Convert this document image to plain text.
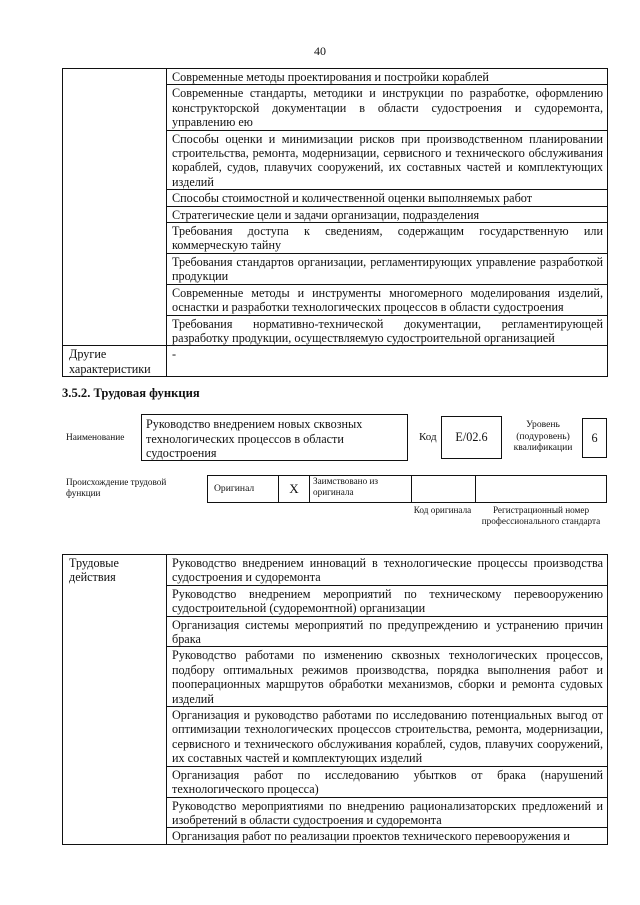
40
	Современные методы проектирования и постройки кораблей
	Современные стандарты, методики и инструкции по разработке, оформлению конструкторской документации в области судостроения и судоремонта, управлению ею
	Способы оценки и минимизации рисков при производственном планировании строительства, ремонта, модернизации, сервисного и технического обслуживания кораблей, судов, плавучих сооружений, их составных частей и комплектующих изделий
	Способы стоимостной и количественной оценки выполняемых работ
	Стратегические цели и задачи организации, подразделения
	Требования доступа к сведениям, содержащим государственную или коммерческую тайну
	Требования стандартов организации, регламентирующих управление разработкой продукции
	Современные методы и инструменты многомерного моделирования изделий, оснастки и разработки технологических процессов в области судостроения
	Требования нормативно-технической документации, регламентирующей разработку продукции, осуществляемую судостроительной организацией
Другие характеристики	-
3.5.2. Трудовая функция
Наименование
Руководство внедрением новых сквозных технологических процессов в области судостроения
Код	E/02.6
Уровень (подуровень) квалификации
6
Происхождение трудовой функции	Оригинал	X	Заимствовано из оригинала
Код оригинала	Регистрационный номер профессионального стандарта
Трудовые действия	Руководство внедрением инноваций в технологические процессы производства судостроения и судоремонта
Руководство внедрением мероприятий по техническому перевооружению судостроительной (судоремонтной) организации
Организация системы мероприятий по предупреждению и устранению причин брака
Руководство работами по изменению сквозных технологических процессов, подбору оптимальных режимов производства, порядка выполнения работ и пооперационных маршрутов обработки механизмов, сборки и ремонта судовых изделий
Организация и руководство работами по исследованию потенциальных выгод от оптимизации технологических процессов строительства, ремонта, модернизации, сервисного и технического обслуживания кораблей, судов, плавучих сооружений, их составных частей и комплектующих изделий
Организация работ по исследованию убытков от брака (нарушений технологического процесса)
Руководство мероприятиями по внедрению рационализаторских предложений и изобретений в области судостроения и судоремонта
Организация работ по реализации проектов технического перевооружения и
